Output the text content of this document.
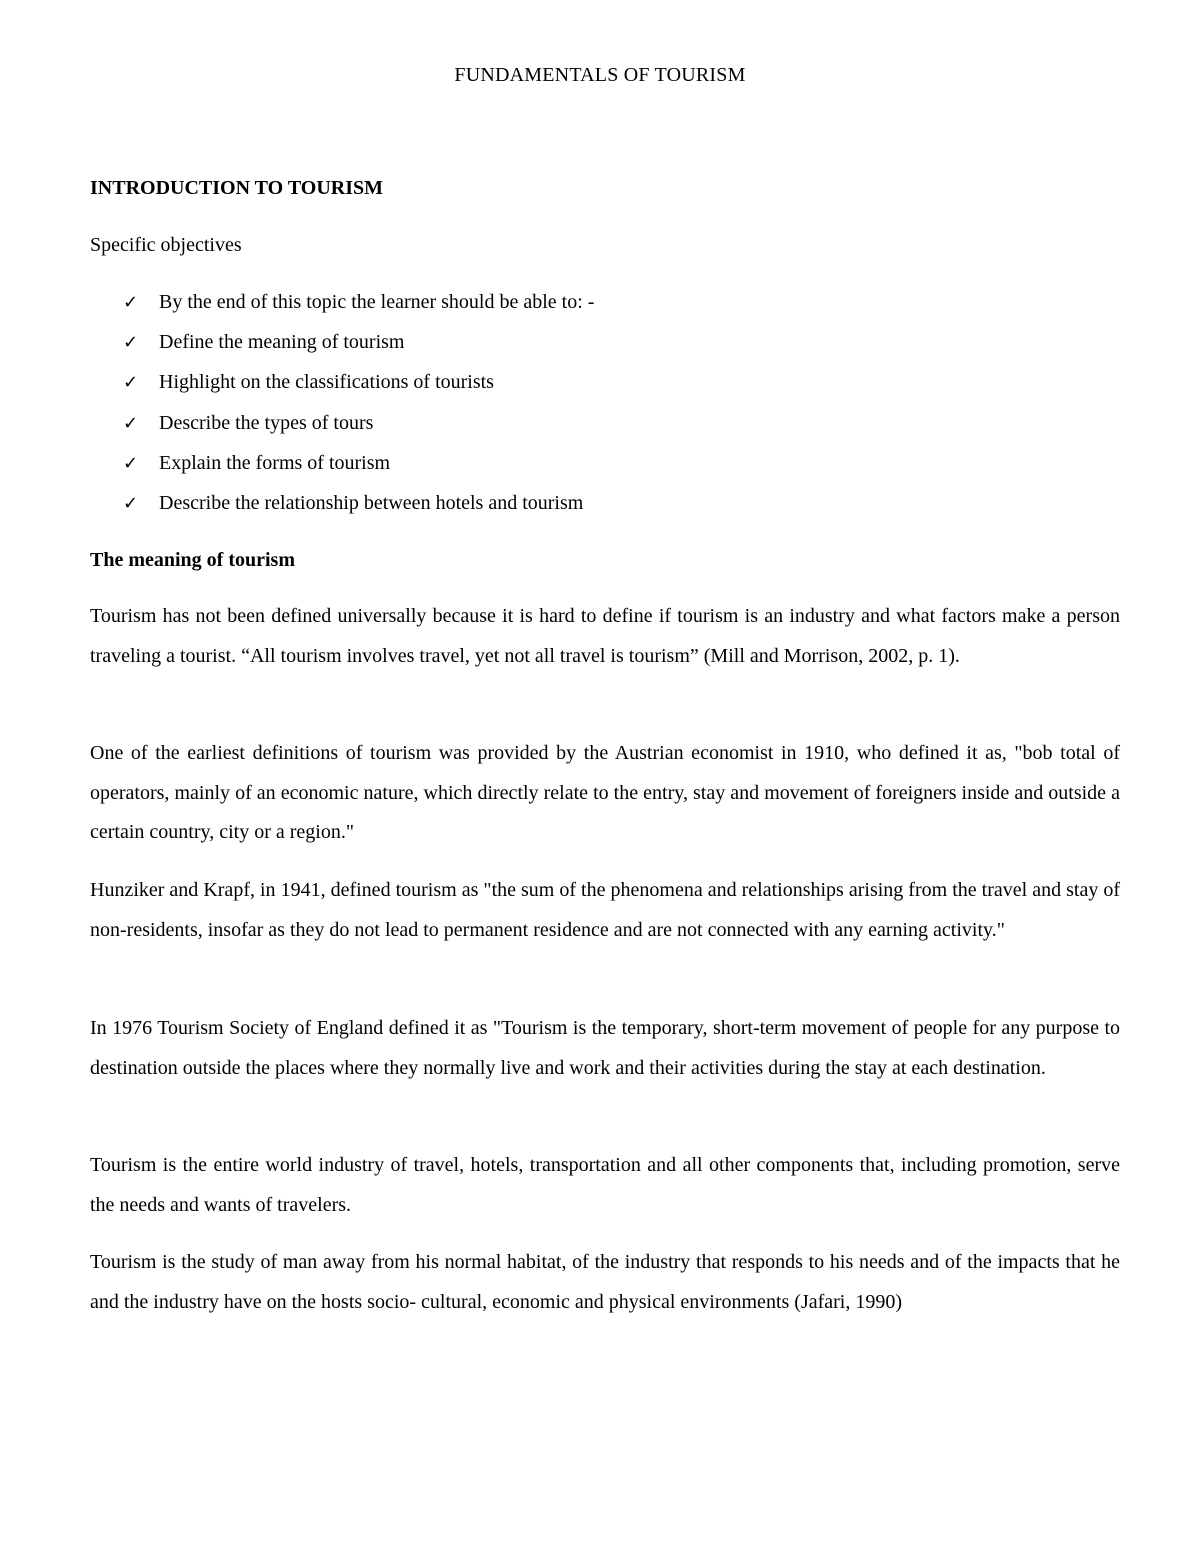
FUNDAMENTALS OF TOURISM
INTRODUCTION TO TOURISM
Specific objectives
✓ By the end of this topic the learner should be able to: -
✓ Define the meaning of tourism
✓ Highlight on the classifications of tourists
✓ Describe the types of tours
✓ Explain the forms of tourism
✓ Describe the relationship between hotels and tourism
The meaning of tourism

Tourism has not been defined universally because it is hard to define if tourism is an industry and what factors make a person traveling a tourist. “All tourism involves travel, yet not all travel is tourism” (Mill and Morrison, 2002, p. 1).

One of the earliest definitions of tourism was provided by the Austrian economist in 1910, who defined it as, "bob total of operators, mainly of an economic nature, which directly relate to the entry, stay and movement of foreigners inside and outside a certain country, city or a region."

Hunziker and Krapf, in 1941, defined tourism as "the sum of the phenomena and relationships arising from the travel and stay of non-residents, insofar as they do not lead to permanent residence and are not connected with any earning activity."

In 1976 Tourism Society of England defined it as "Tourism is the temporary, short-term movement of people for any purpose to destination outside the places where they normally live and work and their activities during the stay at each destination.

Tourism is the entire world industry of travel, hotels, transportation and all other components that, including promotion, serve the needs and wants of travelers.

Tourism is the study of man away from his normal habitat, of the industry that responds to his needs and of the impacts that he and the industry have on the hosts socio- cultural, economic and physical environments (Jafari, 1990)
